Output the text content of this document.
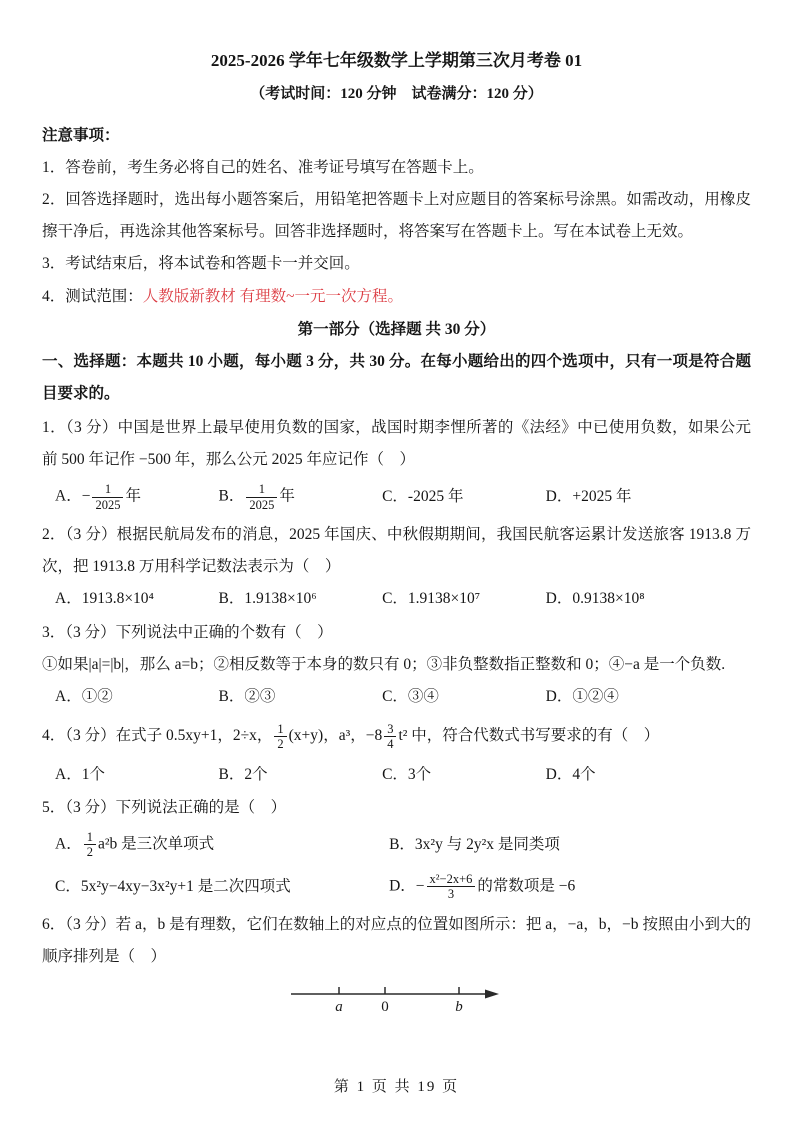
2025-2026 学年七年级数学上学期第三次月考卷 01
（考试时间：120 分钟　试卷满分：120 分）

注意事项：

1．答卷前，考生务必将自己的姓名、准考证号填写在答题卡上。

2．回答选择题时，选出每小题答案后，用铅笔把答题卡上对应题目的答案标号涂黑。如需改动，用橡皮擦干净后，再选涂其他答案标号。回答非选择题时，将答案写在答题卡上。写在本试卷上无效。

3．考试结束后，将本试卷和答题卡一并交回。

4．测试范围：人教版新教材 有理数~一元一次方程。

第一部分（选择题 共 30 分）

一、选择题：本题共 10 小题，每小题 3 分，共 30 分。在每小题给出的四个选项中，只有一项是符合题目要求的。

1．（3 分）中国是世界上最早使用负数的国家，战国时期李悝所著的《法经》中已使用负数，如果公元前 500 年记作 −500 年，那么公元 2025 年应记作（　）

A．− $\frac{1}{2025}$ 年	B． $\frac{1}{2025}$ 年	C．-2025 年	D．+2025 年

2．（3 分）根据民航局发布的消息，2025 年国庆、中秋假期期间，我国民航客运累计发送旅客 1913.8 万次，把 1913.8 万用科学记数法表示为（　）

A．1913.8×10⁴	B．1.9138×10⁶	C．1.9138×10⁷	D．0.9138×10⁸

3．（3 分）下列说法中正确的个数有（　）

①如果|a|=|b|，那么 a=b；②相反数等于本身的数只有 0；③非负整数指正整数和 0；④−a 是一个负数.

A．①②	B．②③	C．③④	D．①②④

4．（3 分）在式子 0.5xy+1，2÷x， $\frac{1}{2} (x+y)$，a³，$-8 \frac{3}{4} t^2$ 中，符合代数式书写要求的有（　）

A．1个	B．2个	C．3个	D．4个

5．（3 分）下列说法正确的是（　）

A． $\frac{1}{2} a^2b$ 是三次单项式	B．3x²y 与 2y²x 是同类项
C．5x²y−4xy−3x²y+1 是二次四项式	D．− $\frac{\text{x²−2x+6}}{3}$ 的常数项是 −6

6．（3 分）若 a，b 是有理数，它们在数轴上的对应点的位置如图所示：把 a，−a，b，−b 按照由小到大的顺序排列是（　）

a	0	b
第 1 页 共 19 页
